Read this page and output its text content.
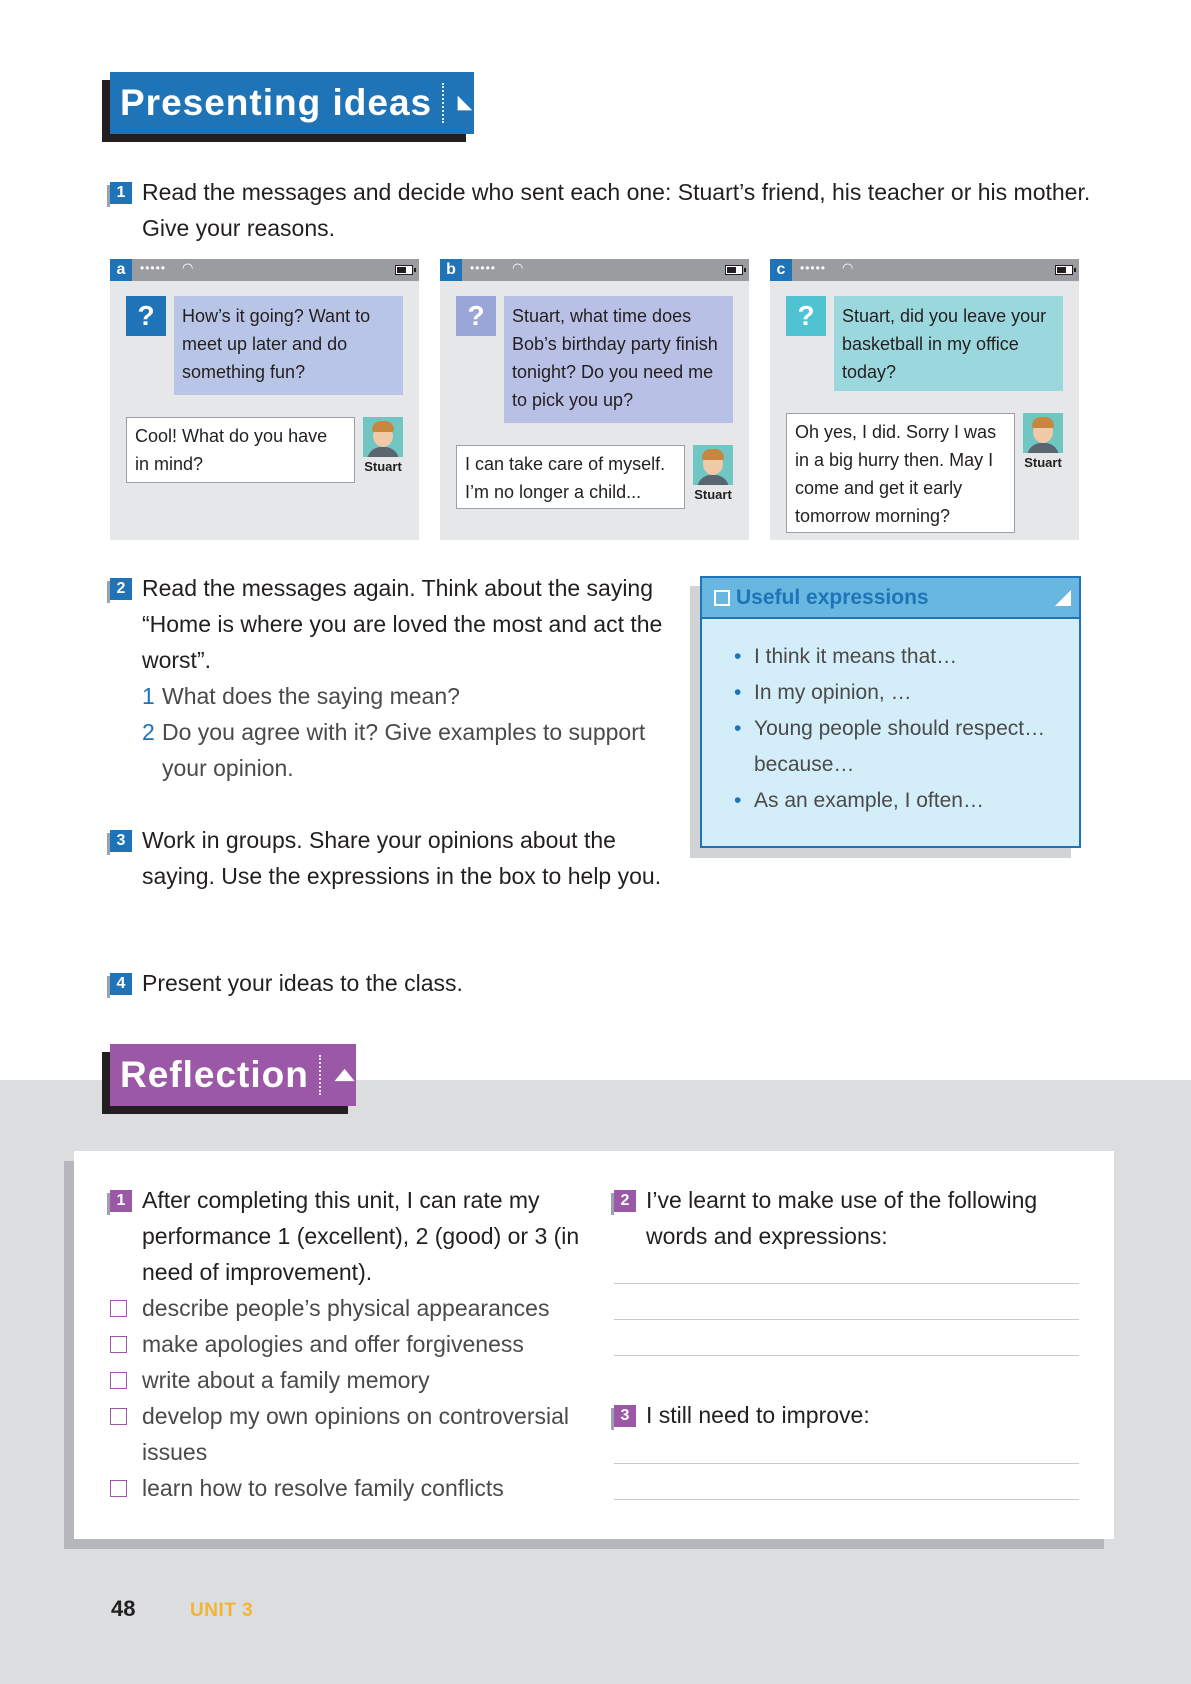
Presenting ideas
1 Read the messages and decide who sent each one: Stuart’s friend, his teacher or his mother. Give your reasons.
a	••••• ◠
?	How’s it going? Want to meet up later and do something fun?
Cool! What do you have in mind?	Stuart
b	••••• ◠
?	Stuart, what time does Bob’s birthday party finish tonight? Do you need me to pick you up?
I can take care of myself. I’m no longer a child...	Stuart
c	••••• ◠
?	Stuart, did you leave your basketball in my office today?
Oh yes, I did. Sorry I was in a big hurry then. May I come and get it early tomorrow morning?
Stuart
2 Read the messages again. Think about the saying “Home is where you are loved the most and act the worst”.
1 What does the saying mean?
2 Do you agree with it? Give examples to support your opinion.
3 Work in groups. Share your opinions about the saying. Use the expressions in the box to help you.
4 Present your ideas to the class.
Useful expressions
• I think it means that…
• In my opinion, …
• Young people should respect… because…
• As an example, I often…
Reflection
1 After completing this unit, I can rate my performance 1 (excellent), 2 (good) or 3 (in need of improvement).
describe people’s physical appearances
make apologies and offer forgiveness
write about a family memory
develop my own opinions on controversial
issues
learn how to resolve family conflicts
2 I’ve learnt to make use of the following words and expressions:
3 I still need to improve:
48	UNIT 3
